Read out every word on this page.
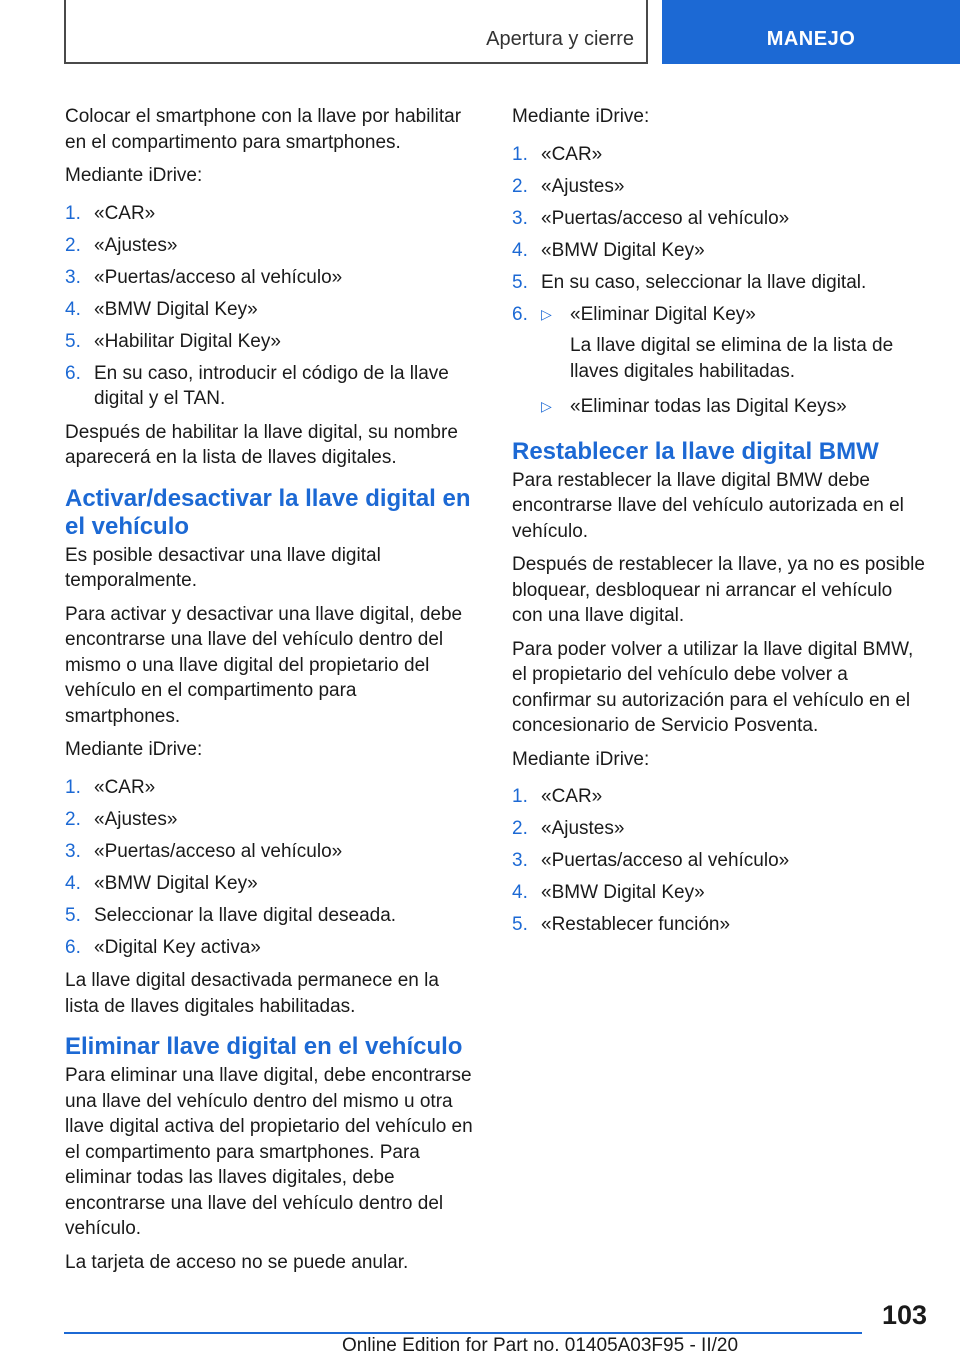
Apertura y cierre	MANEJO

Colocar el smartphone con la llave por habilitar en el compartimento para smartphones.

Mediante iDrive:

1. «CAR»
2. «Ajustes»
3. «Puertas/acceso al vehículo»
4. «BMW Digital Key»
5. «Habilitar Digital Key»
6. En su caso, introducir el código de la llave digital y el TAN.

Después de habilitar la llave digital, su nombre aparecerá en la lista de llaves digitales.

Activar/desactivar la llave digital en el vehículo

Es posible desactivar una llave digital temporalmente.

Para activar y desactivar una llave digital, debe encontrarse una llave del vehículo dentro del mismo o una llave digital del propietario del vehículo en el compartimento para smartphones.

Mediante iDrive:

1. «CAR»
2. «Ajustes»
3. «Puertas/acceso al vehículo»
4. «BMW Digital Key»
5. Seleccionar la llave digital deseada.
6. «Digital Key activa»

La llave digital desactivada permanece en la lista de llaves digitales habilitadas.

Eliminar llave digital en el vehículo

Para eliminar una llave digital, debe encontrarse una llave del vehículo dentro del mismo u otra llave digital activa del propietario del vehículo en el compartimento para smartphones. Para eliminar todas las llaves digitales, debe encontrarse una llave del vehículo dentro del vehículo.

La tarjeta de acceso no se puede anular.

Mediante iDrive:

1. «CAR»
2. «Ajustes»
3. «Puertas/acceso al vehículo»
4. «BMW Digital Key»
5. En su caso, seleccionar la llave digital.
6. ▷ «Eliminar Digital Key»
La llave digital se elimina de la lista de llaves digitales habilitadas.
▷ «Eliminar todas las Digital Keys»
Restablecer la llave digital BMW

Para restablecer la llave digital BMW debe encontrarse llave del vehículo autorizada en el vehículo.

Después de restablecer la llave, ya no es posible bloquear, desbloquear ni arrancar el vehículo con una llave digital.

Para poder volver a utilizar la llave digital BMW, el propietario del vehículo debe volver a confirmar su autorización para el vehículo en el concesionario de Servicio Posventa.

Mediante iDrive:

1. «CAR»
2. «Ajustes»
3. «Puertas/acceso al vehículo»
4. «BMW Digital Key»
5. «Restablecer función»
103
Online Edition for Part no. 01405A03F95 - II/20
